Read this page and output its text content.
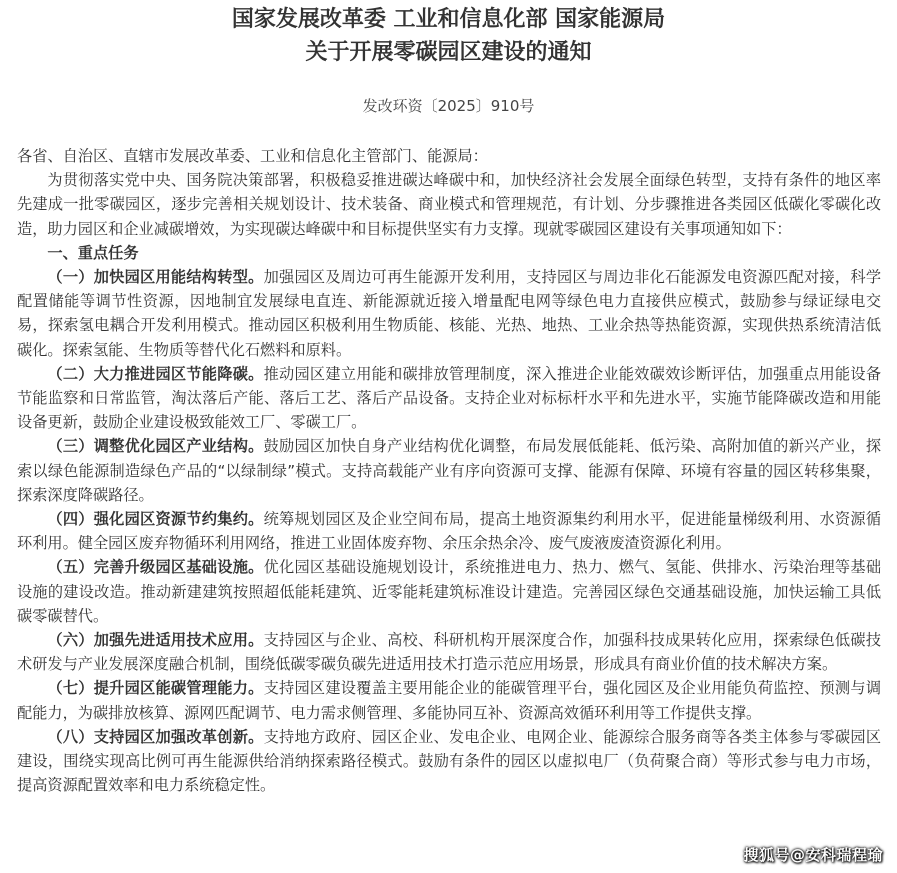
国家发展改革委 工业和信息化部 国家能源局
关于开展零碳园区建设的通知
发改环资〔2025〕910号

各省、自治区、直辖市发展改革委、工业和信息化主管部门、能源局：

为贯彻落实党中央、国务院决策部署，积极稳妥推进碳达峰碳中和，加快经济社会发展全面绿色转型，支持有条件的地区率先建成一批零碳园区，逐步完善相关规划设计、技术装备、商业模式和管理规范，有计划、分步骤推进各类园区低碳化零碳化改造，助力园区和企业减碳增效，为实现碳达峰碳中和目标提供坚实有力支撑。现就零碳园区建设有关事项通知如下：

一、重点任务

（一）加快园区用能结构转型。加强园区及周边可再生能源开发利用，支持园区与周边非化石能源发电资源匹配对接，科学配置储能等调节性资源，因地制宜发展绿电直连、新能源就近接入增量配电网等绿色电力直接供应模式，鼓励参与绿证绿电交易，探索氢电耦合开发利用模式。推动园区积极利用生物质能、核能、光热、地热、工业余热等热能资源，实现供热系统清洁低碳化。探索氢能、生物质等替代化石燃料和原料。

（二）大力推进园区节能降碳。推动园区建立用能和碳排放管理制度，深入推进企业能效碳效诊断评估，加强重点用能设备节能监察和日常监管，淘汰落后产能、落后工艺、落后产品设备。支持企业对标标杆水平和先进水平，实施节能降碳改造和用能设备更新，鼓励企业建设极致能效工厂、零碳工厂。

（三）调整优化园区产业结构。鼓励园区加快自身产业结构优化调整，布局发展低能耗、低污染、高附加值的新兴产业，探索以绿色能源制造绿色产品的“以绿制绿”模式。支持高载能产业有序向资源可支撑、能源有保障、环境有容量的园区转移集聚，探索深度降碳路径。

（四）强化园区资源节约集约。统筹规划园区及企业空间布局，提高土地资源集约利用水平，促进能量梯级利用、水资源循环利用。健全园区废弃物循环利用网络，推进工业固体废弃物、余压余热余冷、废气废液废渣资源化利用。

（五）完善升级园区基础设施。优化园区基础设施规划设计，系统推进电力、热力、燃气、氢能、供排水、污染治理等基础设施的建设改造。推动新建建筑按照超低能耗建筑、近零能耗建筑标准设计建造。完善园区绿色交通基础设施，加快运输工具低碳零碳替代。

（六）加强先进适用技术应用。支持园区与企业、高校、科研机构开展深度合作，加强科技成果转化应用，探索绿色低碳技术研发与产业发展深度融合机制，围绕低碳零碳负碳先进适用技术打造示范应用场景，形成具有商业价值的技术解决方案。

（七）提升园区能碳管理能力。支持园区建设覆盖主要用能企业的能碳管理平台，强化园区及企业用能负荷监控、预测与调配能力，为碳排放核算、源网匹配调节、电力需求侧管理、多能协同互补、资源高效循环利用等工作提供支撑。

（八）支持园区加强改革创新。支持地方政府、园区企业、发电企业、电网企业、能源综合服务商等各类主体参与零碳园区建设，围绕实现高比例可再生能源供给消纳探索路径模式。鼓励有条件的园区以虚拟电厂（负荷聚合商）等形式参与电力市场，提高资源配置效率和电力系统稳定性。

搜狐号@安科瑞程瑜
